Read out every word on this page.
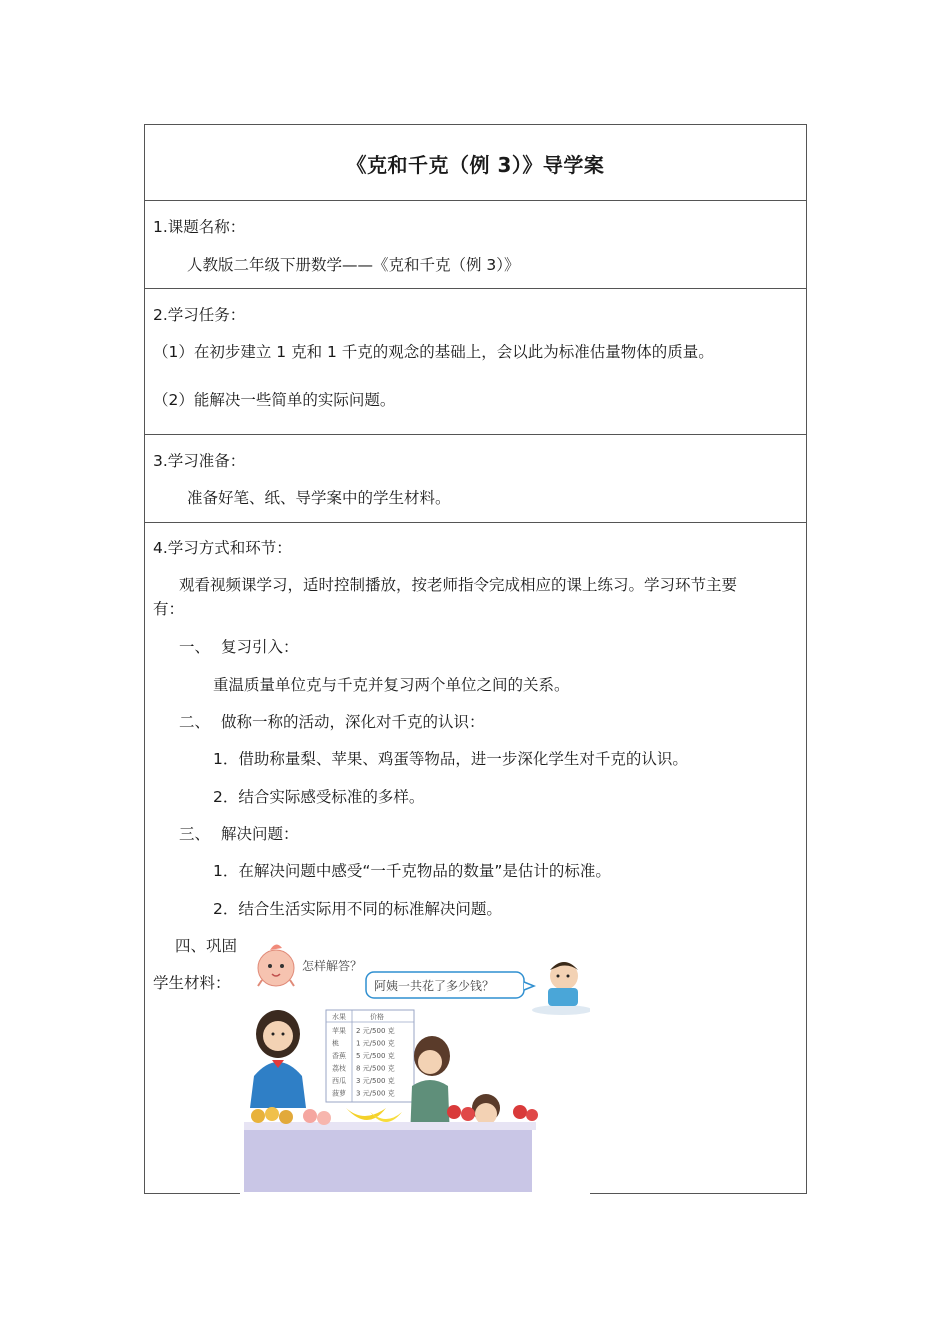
《克和千克（例 3）》导学案
1.课题名称：
人教版二年级下册数学——《克和千克（例 3）》
2.学习任务：
（1）在初步建立 1 克和 1 千克的观念的基础上，会以此为标准估量物体的质量。
（2）能解决一些简单的实际问题。
3.学习准备：
准备好笔、纸、导学案中的学生材料。
4.学习方式和环节：
观看视频课学习，适时控制播放，按老师指令完成相应的课上练习。学习环节主要
有：
一、 复习引入：
重温质量单位克与千克并复习两个单位之间的关系。
二、 做称一称的活动，深化对千克的认识：
1．借助称量梨、苹果、鸡蛋等物品，进一步深化学生对千克的认识。
2．结合实际感受标准的多样。
三、 解决问题：
1．在解决问题中感受“一千克物品的数量”是估计的标准。
2．结合生活实际用不同的标准解决问题。
四、巩固
学生材料：
怎样解答？
阿姨一共花了多少钱？
水果	价格
苹果 2 元/500 克
桃 1 元/500 克
香蕉 5 元/500 克
荔枝 8 元/500 克
西瓜 3 元/500 克
菠萝 3 元/500 克
